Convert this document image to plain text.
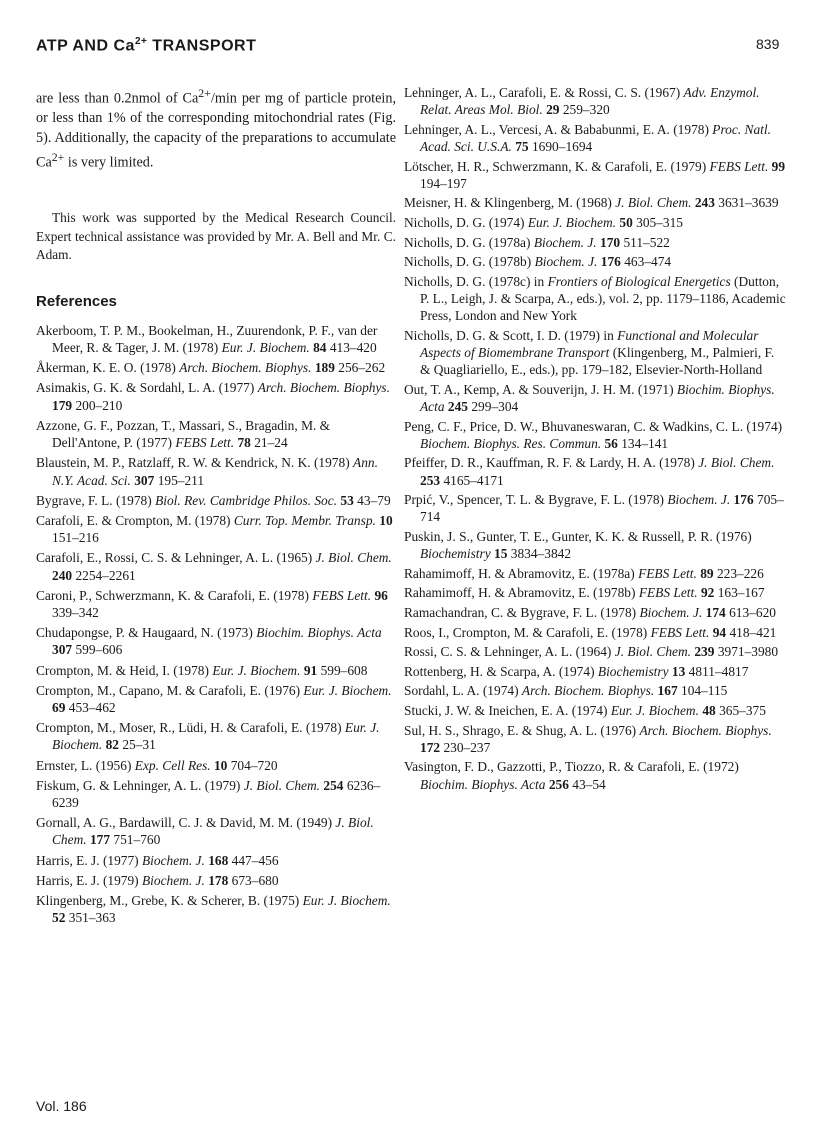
ATP AND $Ca^{2+}$ TRANSPORT	839

are less than 0.2nmol of $Ca^{2+}/\min$ per mg of particle protein, or less than 1% of the corresponding mitochondrial rates (Fig. 5). Additionally, the capacity of the preparations to accumulate $Ca^{2+}$ is very limited.

This work was supported by the Medical Research Council. Expert technical assistance was provided by Mr. A. Bell and Mr. C. Adam.

References

Akerboom, T. P. M., Bookelman, H., Zuurendonk, P. F., van der Meer, R. & Tager, J. M. (1978) Eur. J. Biochem. 84 413–420

Åkerman, K. E. O. (1978) Arch. Biochem. Biophys. 189 256–262

Asimakis, G. K. & Sordahl, L. A. (1977) Arch. Biochem. Biophys. 179 200–210

Azzone, G. F., Pozzan, T., Massari, S., Bragadin, M. & Dell'Antone, P. (1977) FEBS Lett. 78 21–24

Blaustein, M. P., Ratzlaff, R. W. & Kendrick, N. K. (1978) Ann. N.Y. Acad. Sci. 307 195–211

Bygrave, F. L. (1978) Biol. Rev. Cambridge Philos. Soc. 53 43–79

Carafoli, E. & Crompton, M. (1978) Curr. Top. Membr. Transp. 10 151–216

Carafoli, E., Rossi, C. S. & Lehninger, A. L. (1965) J. Biol. Chem. 240 2254–2261

Caroni, P., Schwerzmann, K. & Carafoli, E. (1978) FEBS Lett. 96 339–342

Chudapongse, P. & Haugaard, N. (1973) Biochim. Biophys. Acta 307 599–606

Crompton, M. & Heid, I. (1978) Eur. J. Biochem. 91 599–608

Crompton, M., Capano, M. & Carafoli, E. (1976) Eur. J. Biochem. 69 453–462

Crompton, M., Moser, R., Lüdi, H. & Carafoli, E. (1978) Eur. J. Biochem. 82 25–31

Ernster, L. (1956) Exp. Cell Res. 10 704–720

Fiskum, G. & Lehninger, A. L. (1979) J. Biol. Chem. 254 6236–6239

Gornall, A. G., Bardawill, C. J. & David, M. M. (1949) J. Biol. Chem. 177 751–760

Harris, E. J. (1977) Biochem. J. 168 447–456

Harris, E. J. (1979) Biochem. J. 178 673–680

Klingenberg, M., Grebe, K. & Scherer, B. (1975) Eur. J. Biochem. 52 351–363

Lehninger, A. L., Carafoli, E. & Rossi, C. S. (1967) Adv. Enzymol. Relat. Areas Mol. Biol. 29 259–320

Lehninger, A. L., Vercesi, A. & Bababunmi, E. A. (1978) Proc. Natl. Acad. Sci. U.S.A. 75 1690–1694

Lötscher, H. R., Schwerzmann, K. & Carafoli, E. (1979) FEBS Lett. 99 194–197

Meisner, H. & Klingenberg, M. (1968) J. Biol. Chem. 243 3631–3639

Nicholls, D. G. (1974) Eur. J. Biochem. 50 305–315

Nicholls, D. G. (1978a) Biochem. J. 170 511–522

Nicholls, D. G. (1978b) Biochem. J. 176 463–474

Nicholls, D. G. (1978c) in Frontiers of Biological Energetics (Dutton, P. L., Leigh, J. & Scarpa, A., eds.), vol. 2, pp. 1179–1186, Academic Press, London and New York

Nicholls, D. G. & Scott, I. D. (1979) in Functional and Molecular Aspects of Biomembrane Transport (Klingenberg, M., Palmieri, F. & Quagliariello, E., eds.), pp. 179–182, Elsevier-North-Holland

Out, T. A., Kemp, A. & Souverijn, J. H. M. (1971) Biochim. Biophys. Acta 245 299–304

Peng, C. F., Price, D. W., Bhuvaneswaran, C. & Wadkins, C. L. (1974) Biochem. Biophys. Res. Commun. 56 134–141

Pfeiffer, D. R., Kauffman, R. F. & Lardy, H. A. (1978) J. Biol. Chem. 253 4165–4171

Prpić, V., Spencer, T. L. & Bygrave, F. L. (1978) Biochem. J. 176 705–714

Puskin, J. S., Gunter, T. E., Gunter, K. K. & Russell, P. R. (1976) Biochemistry 15 3834–3842

Rahamimoff, H. & Abramovitz, E. (1978a) FEBS Lett. 89 223–226

Rahamimoff, H. & Abramovitz, E. (1978b) FEBS Lett. 92 163–167

Ramachandran, C. & Bygrave, F. L. (1978) Biochem. J. 174 613–620

Roos, I., Crompton, M. & Carafoli, E. (1978) FEBS Lett. 94 418–421

Rossi, C. S. & Lehninger, A. L. (1964) J. Biol. Chem. 239 3971–3980

Rottenberg, H. & Scarpa, A. (1974) Biochemistry 13 4811–4817

Sordahl, L. A. (1974) Arch. Biochem. Biophys. 167 104–115

Stucki, J. W. & Ineichen, E. A. (1974) Eur. J. Biochem. 48 365–375

Sul, H. S., Shrago, E. & Shug, A. L. (1976) Arch. Biochem. Biophys. 172 230–237

Vasington, F. D., Gazzotti, P., Tiozzo, R. & Carafoli, E. (1972) Biochim. Biophys. Acta 256 43–54

Vol. 186
